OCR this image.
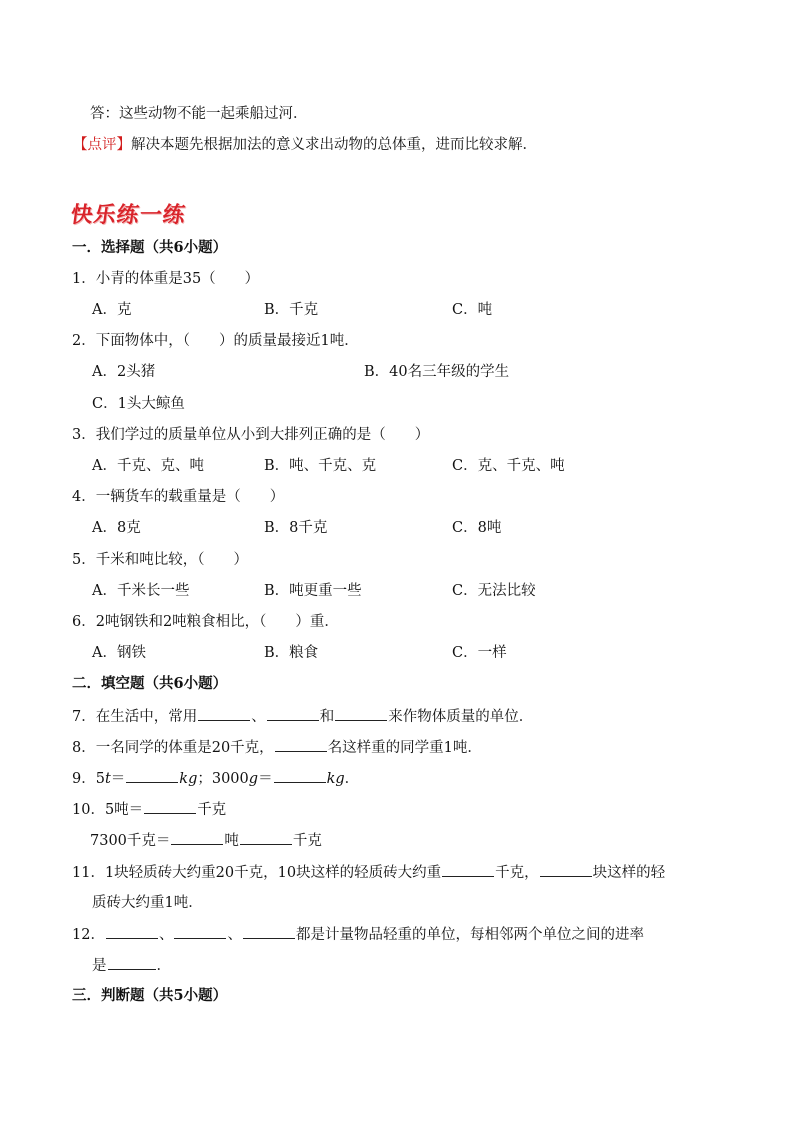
答：这些动物不能一起乘船过河．
【点评】解决本题先根据加法的意义求出动物的总体重，进而比较求解．
快乐练一练
一．选择题（共6小题）
1．小青的体重是35（　　）
A．克	B．千克	C．吨
2．下面物体中，（　　）的质量最接近1吨．
A．2头猪	B．40名三年级的学生
C．1头大鲸鱼
3．我们学过的质量单位从小到大排列正确的是（　　）
A．千克、克、吨	B．吨、千克、克	C．克、千克、吨
4．一辆货车的载重量是（　　）
A．8克	B．8千克	C．8吨
5．千米和吨比较，（　　）
A．千米长一些	B．吨更重一些	C．无法比较
6．2吨钢铁和2吨粮食相比，（　　）重．
A．钢铁	B．粮食	C．一样
二．填空题（共6小题）
7．在生活中，常用	、	和	来作物体质量的单位．
8．一名同学的体重是20千克，	名这样重的同学重1吨．
9．5t＝	kg；3000g＝	kg．
10．5吨＝	千克
7300千克＝	吨	千克
11．1块轻质砖大约重20千克，10块这样的轻质砖大约重	千克，	块这样的轻
质砖大约重1吨．
12．	、	、	都是计量物品轻重的单位，每相邻两个单位之间的进率
是	．
三．判断题（共5小题）
